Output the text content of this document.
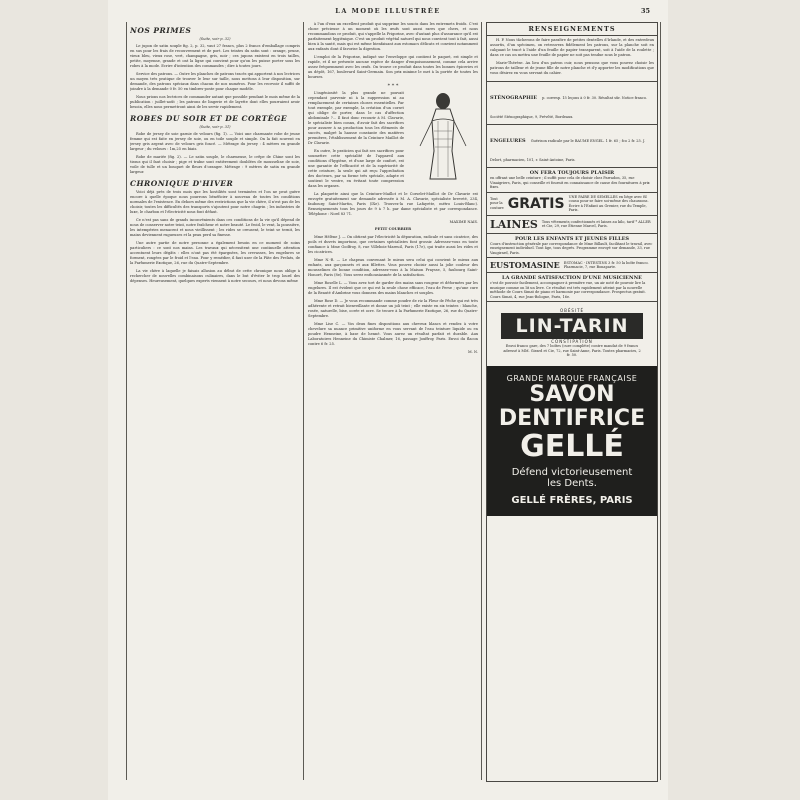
LA MODE ILLUSTRÉE	35
NOS PRIMES
(Suite, voir p. 32)

Le jupon de satin souple fig. 2, p. 32, vaut 27 francs, plus 2 francs d'emballage compris en sus pour les frais de recouvrement et de port. Les teintes du satin sont : orange, prune, vieux bleu, vieux rose, vert, champagne, gris, noir ; ces jupons existent en trois tailles, petite, moyenne, grande et ont la ligne qui convient pour qu'on les puisse porter sous les robes à la mode. Ecrire d'intention des commandes ; dire à toutes jours.

Service des patrons. — Outre les planches de patrons tracés qui apportent à nos lectrices un moyen très pratique de trouver le leur sur taille, nous mettons à leur disposition, sur demande, des patrons spéciaux dans chacun de nos numéros. Pour les recevoir il suffit de joindre à la demande 0 fr. 50 en timbres-poste pour chaque modèle.

Nous prions nos lectrices de commander autant que possible pendant le mois même de la publication : juillet-août ; les patrons de lingerie et de layette dont elles pourraient avoir besoin, elles nous permettront ainsi de les servir rapidement.

ROBES DU SOIR ET DE CORTÈGE
(Suite, voir p. 31)

Robe de jersey de soie garnie de velours (fig. 1). — Voici une charmante robe de jeune femme qui est faite en jersey de soie, ou en toile souple et simple. On la fait souvent en jersey gris argent avec de velours gris foncé. — Métrage du jersey : 4 mètres en grande largeur ; du velours : 1m,25 en biais.

Robe de mariée (fig. 2). — Le satin souple, le charmeuse, le crêpe de Chine sont les tissus qui il faut choisir ; pige et traîne sont entièrement doublées de mousseline de soie, voile de tulle et un bouquet de fleurs d'oranger. Métrage : 9 mètres de satin en grande largeur.

CHRONIQUE D'HIVER

Voici déjà près de trois mois que les hostilités sont terminées et l'on ne peut guère encore à quelle époque nous pourrons bénéficier à nouveau de toutes les conditions normales de l'existence. En dehors même des restrictions que la vie chère, il n'est pas de les choisir, toutes les difficultés des transports s'ajoutent pour notre chagrin ; les industries de luxe, le charbon et l'électricité nous font défaut.

Ce n'est pas sans de grands inconvénients dans ces conditions de la vie qu'il dépend de nous de conserver notre teint, notre fraîcheur et notre beauté. Le froid, le vent, la poussière, les intempéries menacent et nous vieillissent ; les rides se creusent, le teint se ternit, les mains deviennent rugueuses et la peau perd sa finesse.

Une autre partie de notre personne a également besoin en ce moment de soins particuliers : ce sont nos mains. Les travaux qui nécessitent une continuelle attention accentuent leurs dégâts : elles n'ont pas été épargnées, les crevasses, les engelures se forment, rongées par le froid et l'eau. Pour y remédier, il faut user de la Pâte des Prelats, de la Parfumerie Exotique, 26, rue du Quatre-Septembre.

La vie chère à laquelle je faisais allusion au début de cette chronique nous oblige à rechercher de nouvelles combinaisons culinaires, dans le but d'éviter le trop lourd des dépenses. Heureusement, quelques experts viennent à notre secours, et nous devons même

à l'un d'eux un excellent produit qui supprime les soucis dans les entremets froids. C'est chose précieuse à un moment où les œufs sont aussi rares que chers, et nous recommandons ce produit, qui s'appelle la Frigorine, avec d'autant plus d'assurance qu'il est parfaitement hygiénique. C'est un produit végétal naturel qui nous convient tout à fait, aussi bien à la santé, mais qui est même bienfaisant aux estomacs délicats et convient notamment aux enfants dont il favorise la digestion.

L'emploi de la Frigorine, indiqué sur l'enveloppe qui contient le paquet, est simple et rapide, et il ne présente aucune espèce de danger d'empoisonnement, comme cela arrive assez fréquemment avec les œufs. On trouve ce produit dans toutes les bonnes épiceries et au dépôt, 167, boulevard Saint-Germain. Son prix minime le met à la portée de toutes les bourses.

* * *

L'ingéniosité la plus grande ne pouvait cependant parvenir ni à la suppression ni au remplacement de certaines choses essentielles. Par tout exemple, par exemple, la création d'un corset qui oblige de porter, dans le cas d'affection abdominale ?... Il faut donc recourir à M. Clavarie, le spécialiste bien connu, d'avoir fait des sacrifices pour assurer à sa production tous les éléments de succès, malgré la hausse constante des matières premières, l'établissement de la Ceinture Maillot de Dr Clavarie.

En outre, le praticien qui fait ses sacrifices pour soumettre cette spécialité de l'appareil aux conditions d'hygiène, et d'une large de confort, est une garantie de l'efficacité et de la supériorité de cette ceinture, la seule qui ait reçu l'approbation des docteurs, par sa forme très spéciale, adapte et soutient le ventre, en évitant toute compression dans les organes.

La plaquette ainsi que la Ceinture-Maillot et le Corselet-Maillot de Dr Clavarie est envoyée gratuitement sur demande adressée à M. A. Clavarie, spécialiste breveté, 234, faubourg Saint-Martin, Paris (IXe). Trouvez-la rue Lafayette, métro Louis-Blanc). Renseignements tous les jours de 9 à 7 h. par dame spécialiste et par correspondance. Téléphone : Nord 83 71.

MAXIME NAIS.

PETIT COURRIER

Mme Hélène J. — On obtient par l'électricité la dépuration, radicale et sans cicatrice, des poils et duvets importuns, que certaines spécialistes font grossir. Adressez-vous en toute confiance à Mme Godfroy, 8, rue Villebois-Mareuil, Paris (17e), qui traite aussi les rides et les cicatrices.

Mme N.-R. — Le chapeau convenant le mieux sera celui qui convient le mieux aux enfants, aux garçonnets et aux fillettes. Vous pouvez choisir aussi la jolie couleur des mousselines de bonne condition, adressez-vous à la Maison Fraysse, 5, faubourg Saint-Honoré, Paris (8e). Vous serez enthousiasmée de la satisfaction.

Mme Roselle L. — Vous avez tort de garder des mains sans rougeur et déformées par les engelures. Il est évident que ce qui est la seule chose efficace, l'eau de Perse ; qu'une cure de la Beauté d'Ambrine vous donnera des mains blanches et souples.

Mme Rose D. — Je vous recommande comme poudre de riz la Fleur de Pêche qui est très adhérente et retrait bienveillante et donne un joli teint ; elle existe en six teintes : blanche, rosée, naturelle, bise, ocrée et ocre. Se trouve à la Parfumerie Exotique, 26, rue du Quatre-Septembre.

Mme Lise C. — Vos deux fines dispositions aux cheveux blancs et rendez à votre chevelure sa nuance primitive uniforme en vous servant de l'eau teinture liquide ou en poudre Henneine, à base de henné. Vous aurez un résultat parfait et durable. Aux Laboratoires Henneine du Chimiste Chalmer, 16, passage Jouffroy, Paris. Envoi du flacon contre 6 fr. 25.

M. N.
RENSEIGNEMENTS

H. P. Nous tâcherons de faire paraître de petites dentelles d'Irlande, et des entredeux assortis, d'un spécimen, on retrouvera fidèlement les patrons, sur la planche soit en calquant le tracé à l'aide d'un feuille de papier transparent, soit à l'aide de la roulette ; dans ce cas on mettra une feuille de papier ne soit pas tendue sous le patron.

Marie-Thérèse. Au lieu d'un patron cuir, nous pensons que vous pouvez choisir les patrons de tailleur et de jeune fille de notre planche et d'y apporter les modifications que vous désirez en vous servant du cahier.

STÉNOGRAPHIE p. corresp. 15 leçons à 0 fr. 30. Résultat sûr. Notice franco. Société Sténographique, 9, Prévôté, Bordeaux.
ENGELURES Guérison radicale par le BAUME ENGEL. 1 fr. 65 ; fco 2 fr. 25. J. Delort, pharmacien, 101, r. Saint-Antoine, Paris.
ON FERA TOUJOURS PLAISIR
en offrant une belle ceinture ; il suffit pour cela de choisir chez Parradon, 35, rue Vinaigriers, Paris, qui conseille et fournit en connaissance de cause des fournitures à prix fixes.
Tout pour la couture GRATIS UNE PAIRE DE SEMELLES en liège avec fil cousu pour se faire soi-même des chaussons. Écrire à l'Enfant au Grenier, rue du Temple, Paris.
LAINES Tous vêtements confectionnés et laines au kilo, tarif * ALLER et Cie, 29, rue Étienne Marcel, Paris.
POUR LES ENFANTS ET JEUNES FILLES
Cours d'instruction générale par correspondance de Mme Billault, facilitant le travail, avec enseignement individuel. Tout âge, tous degrés. Programme envoyé sur demande, 33, rue Vaugirard, Paris.
EUSTOMASINE ESTOMAC - INTESTINS 3 fr. 50 la boîte franco. Pharmacie, 7, rue Bonaparte.
LA GRANDE SATISFACTION D'UNE MUSICIENNE
c'est de pouvoir facilement, accompagner à première vue, un air noté de pouvoir lire la musique comme on lit un livre. Ce résultat est très rapidement atteint par la nouvelle méthode de Cours Simat de piano et harmonie par correspondance. Prospectus gratuit. Cours Simat, 4, rue Jean-Bologne, Paris, 16e.
OBÉSITÉ
LIN-TARIN
CONSTIPATION
Envoi franco gare, des 7 boîtes (cure complète) contre mandat de 9 francs adressé à MM. Girard et Cie, 72, rue Saint-Anne, Paris. Toutes pharmacies, 2 fr. 50.
GRANDE MARQUE FRANÇAISE
SAVON
DENTIFRICE
GELLÉ
Défend victorieusement
les Dents.
GELLÉ FRÈRES, PARIS
